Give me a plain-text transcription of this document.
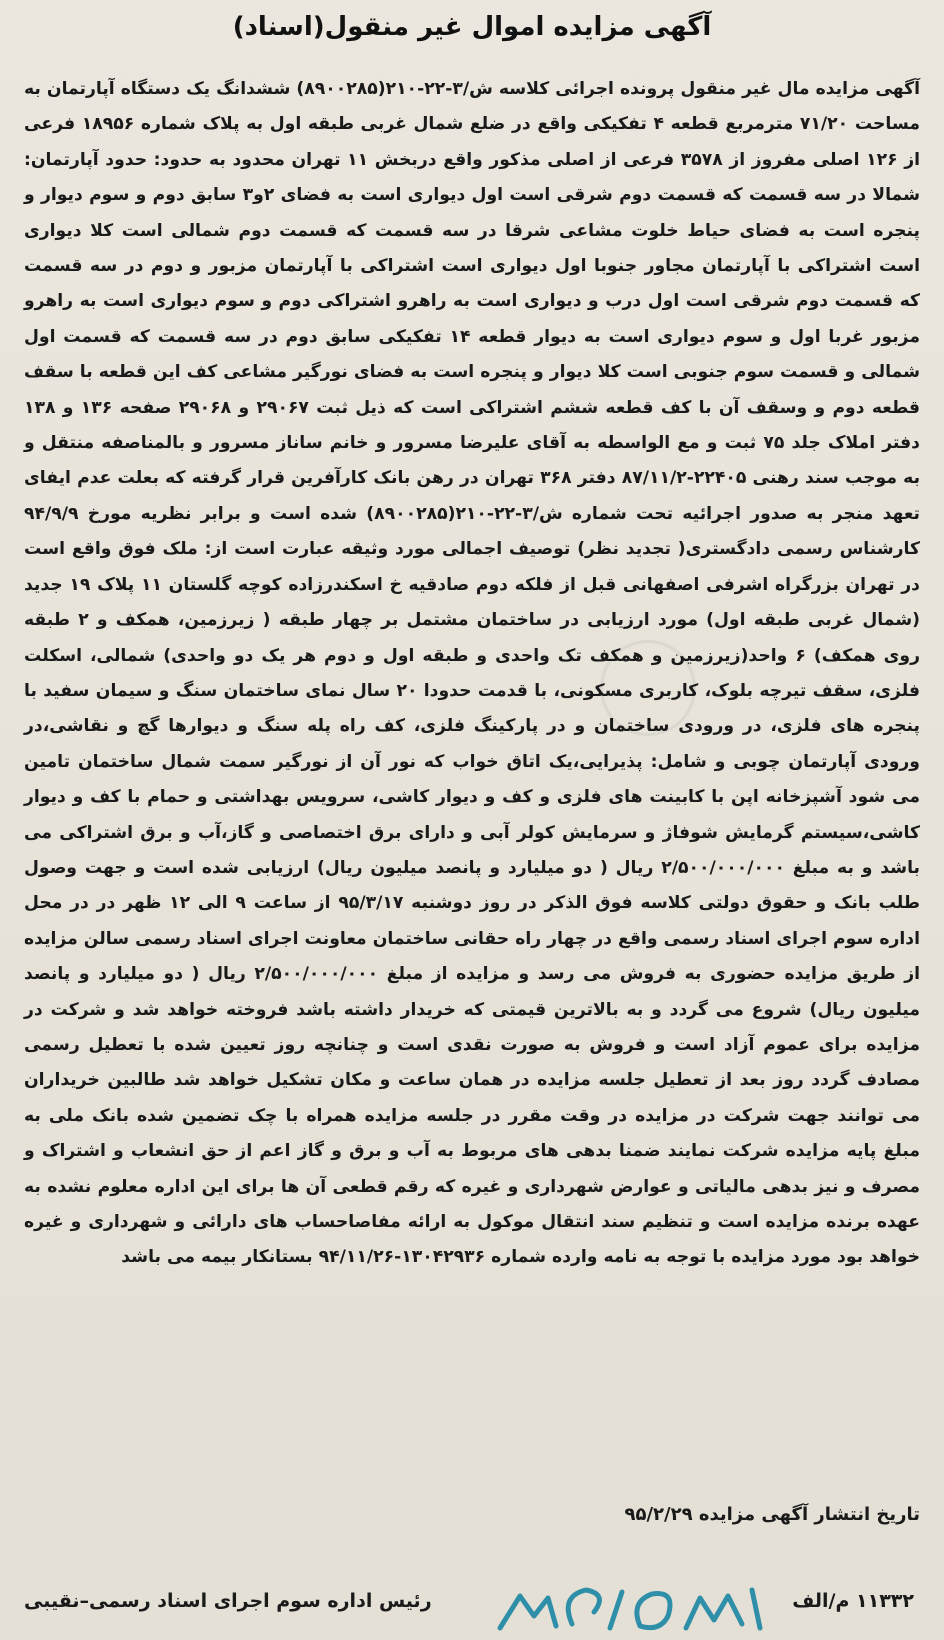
آگهی مزایده اموال غیر منقول(اسناد)
آگهی مزایده مال غیر منقول پرونده اجرائی کلاسه ش/۳-۲۲-۲۱۰(۸۹۰۰۲۸۵) ششدانگ یک دستگاه آپارتمان به مساحت ۷۱/۲۰ مترمربع قطعه ۴ تفکیکی واقع در ضلع شمال غربی طبقه اول به پلاک شماره ۱۸۹۵۶ فرعی از ۱۲۶ اصلی مفروز از ۳۵۷۸ فرعی از اصلی مذکور واقع دربخش ۱۱ تهران محدود به حدود: حدود آپارتمان: شمالا در سه قسمت که قسمت دوم شرقی است اول دیواری است به فضای ۲و۳ سابق دوم و سوم دیوار و پنجره است به فضای حیاط خلوت مشاعی شرقا در سه قسمت که قسمت دوم شمالی است کلا دیواری است اشتراکی با آپارتمان مجاور جنوبا اول دیواری است اشتراکی با آپارتمان مزبور و دوم در سه قسمت که قسمت دوم شرقی است اول درب و دیواری است به راهرو اشتراکی دوم و سوم دیواری است به راهرو مزبور غربا اول و سوم دیواری است به دیوار قطعه ۱۴ تفکیکی سابق دوم در سه قسمت که قسمت اول شمالی و قسمت سوم جنوبی است کلا دیوار و پنجره است به فضای نورگیر مشاعی کف این قطعه با سقف قطعه دوم و وسقف آن با کف قطعه ششم اشتراکی است که ذیل ثبت ۲۹۰۶۷ و ۲۹۰۶۸ صفحه ۱۳۶ و ۱۳۸ دفتر املاک جلد ۷۵ ثبت و مع الواسطه به آقای علیرضا مسرور و خانم ساناز مسرور و بالمناصفه منتقل و به موجب سند رهنی ۲۲۴۰۵-۸۷/۱۱/۲ دفتر ۳۶۸ تهران در رهن بانک کارآفرین قرار گرفته که بعلت عدم ایفای تعهد منجر به صدور اجرائیه تحت شماره ش/۳-۲۲-۲۱۰(۸۹۰۰۲۸۵) شده است و برابر نظریه مورخ ۹۴/۹/۹ کارشناس رسمی دادگستری( تجدید نظر) توصیف اجمالی مورد وثیقه عبارت است از: ملک فوق واقع است در تهران بزرگراه اشرفی اصفهانی قبل از فلکه دوم صادقیه خ اسکندرزاده کوچه گلستان ۱۱ پلاک ۱۹ جدید (شمال غربی طبقه اول) مورد ارزیابی در ساختمان مشتمل بر چهار طبقه ( زیرزمین، همکف و ۲ طبقه روی همکف) ۶ واحد(زیرزمین و همکف تک واحدی و طبقه اول و دوم هر یک دو واحدی) شمالی، اسکلت فلزی، سقف تیرچه بلوک، کاربری مسکونی، با قدمت حدودا ۲۰ سال نمای ساختمان سنگ و سیمان سفید با پنجره های فلزی، در ورودی ساختمان و در پارکینگ فلزی، کف راه پله سنگ و دیوارها گچ و نقاشی،در ورودی آپارتمان چوبی و شامل: پذیرایی،یک اتاق خواب که نور آن از نورگیر سمت شمال ساختمان تامین می شود آشپزخانه اپن با کابینت های فلزی و کف و دیوار کاشی، سرویس بهداشتی و حمام با کف و دیوار کاشی،سیستم گرمایش شوفاژ و سرمایش کولر آبی و دارای برق اختصاصی و گاز،آب و برق اشتراکی می باشد و به مبلغ ۲/۵۰۰/۰۰۰/۰۰۰ ریال ( دو میلیارد و پانصد میلیون ریال) ارزیابی شده است و جهت وصول طلب بانک و حقوق دولتی کلاسه فوق الذکر در روز دوشنبه ۹۵/۳/۱۷ از ساعت ۹ الی ۱۲ ظهر در در محل اداره سوم اجرای اسناد رسمی واقع در چهار راه حقانی ساختمان معاونت اجرای اسناد رسمی سالن مزایده از طریق مزایده حضوری به فروش می رسد و مزایده از مبلغ ۲/۵۰۰/۰۰۰/۰۰۰ ریال ( دو میلیارد و پانصد میلیون ریال) شروع می گردد و به بالاترین قیمتی که خریدار داشته باشد فروخته خواهد شد و شرکت در مزایده برای عموم آزاد است و فروش به صورت نقدی است و چنانچه روز تعیین شده با تعطیل رسمی مصادف گردد روز بعد از تعطیل جلسه مزایده در همان ساعت و مکان تشکیل خواهد شد طالبین خریداران می توانند جهت شرکت در مزایده در وقت مقرر در جلسه مزایده همراه با چک تضمین شده بانک ملی به مبلغ پایه مزایده شرکت نمایند ضمنا بدهی های مربوط به آب و برق و گاز اعم از حق انشعاب و اشتراک و مصرف و نیز بدهی مالیاتی و عوارض شهرداری و غیره که رقم قطعی آن ها برای این اداره معلوم نشده به عهده برنده مزایده است و تنظیم سند انتقال موکول به ارائه مفاصاحساب های دارائی و شهرداری و غیره خواهد بود مورد مزایده با توجه به نامه وارده شماره ۱۳۰۴۲۹۳۶-۹۴/۱۱/۲۶ بستانکار بیمه می باشد
تاریخ انتشار آگهی مزایده ۹۵/۲/۲۹
۱۱۳۳۲ م/الف
رئیس اداره سوم اجرای اسناد رسمی–نقیبی
